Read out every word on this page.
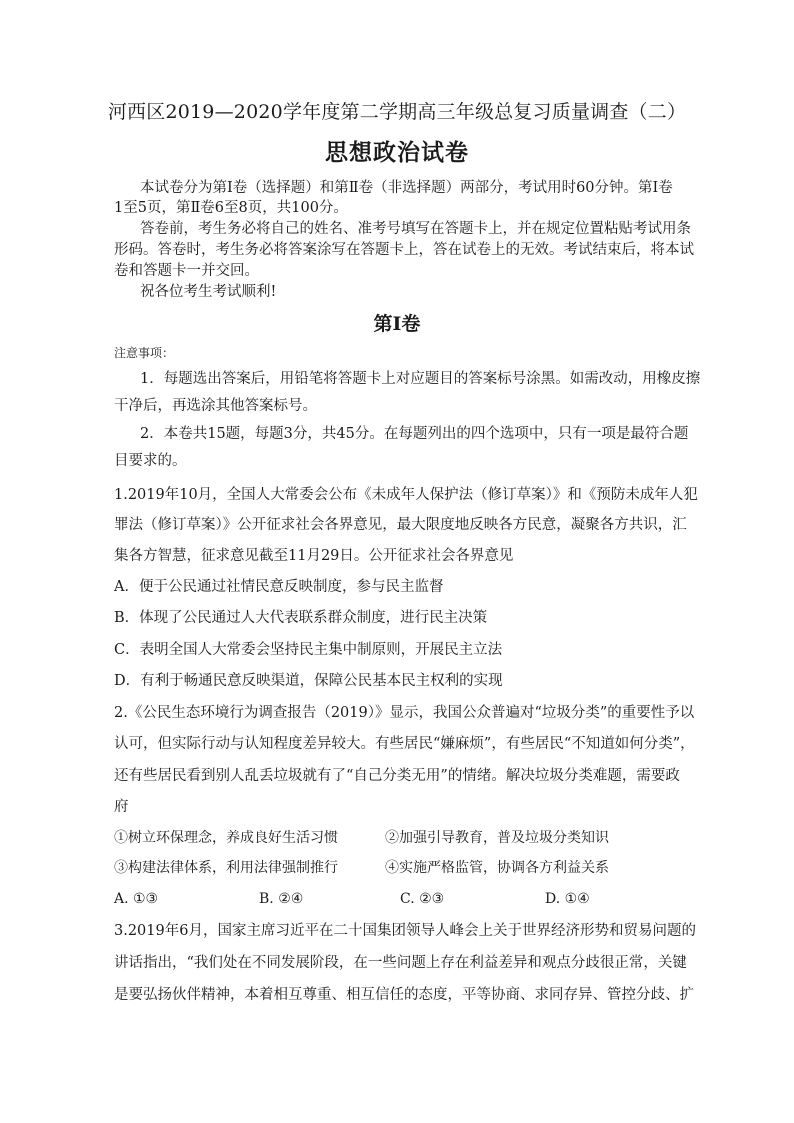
河西区2019—2020学年度第二学期高三年级总复习质量调查（二）
思想政治试卷
本试卷分为第Ⅰ卷（选择题）和第Ⅱ卷（非选择题）两部分，考试用时60分钟。第Ⅰ卷
1至5页，第Ⅱ卷6至8页，共100分。
答卷前，考生务必将自己的姓名、准考号填写在答题卡上，并在规定位置粘贴考试用条
形码。答卷时，考生务必将答案涂写在答题卡上，答在试卷上的无效。考试结束后，将本试
卷和答题卡一并交回。
祝各位考生考试顺利!
第Ⅰ卷
注意事项：
1．每题选出答案后，用铅笔将答题卡上对应题目的答案标号涂黑。如需改动，用橡皮擦
干净后，再选涂其他答案标号。
2．本卷共15题，每题3分，共45分。在每题列出的四个选项中，只有一项是最符合题
目要求的。
1.2019年10月，全国人大常委会公布《未成年人保护法（修订草案）》和《预防未成年人犯
罪法（修订草案）》公开征求社会各界意见，最大限度地反映各方民意，凝聚各方共识，汇
集各方智慧，征求意见截至11月29日。公开征求社会各界意见
A．便于公民通过社情民意反映制度，参与民主监督
B．体现了公民通过人大代表联系群众制度，进行民主决策
C．表明全国人大常委会坚持民主集中制原则，开展民主立法
D．有利于畅通民意反映渠道，保障公民基本民主权利的实现
2.《公民生态环境行为调查报告（2019）》显示，我国公众普遍对“垃圾分类”的重要性予以
认可，但实际行动与认知程度差异较大。有些居民“嫌麻烦”，有些居民“不知道如何分类”，
还有些居民看到别人乱丢垃圾就有了“自己分类无用”的情绪。解决垃圾分类难题，需要政
府
①树立环保理念，养成良好生活习惯	②加强引导教育，普及垃圾分类知识
③构建法律体系，利用法律强制推行	④实施严格监管，协调各方利益关系
A. ①③	B. ②④	C. ②③	D. ①④
3.2019年6月，国家主席习近平在二十国集团领导人峰会上关于世界经济形势和贸易问题的
讲话指出，“我们处在不同发展阶段，在一些问题上存在利益差异和观点分歧很正常，关键
是要弘扬伙伴精神，本着相互尊重、相互信任的态度，平等协商、求同存异、管控分歧、扩
